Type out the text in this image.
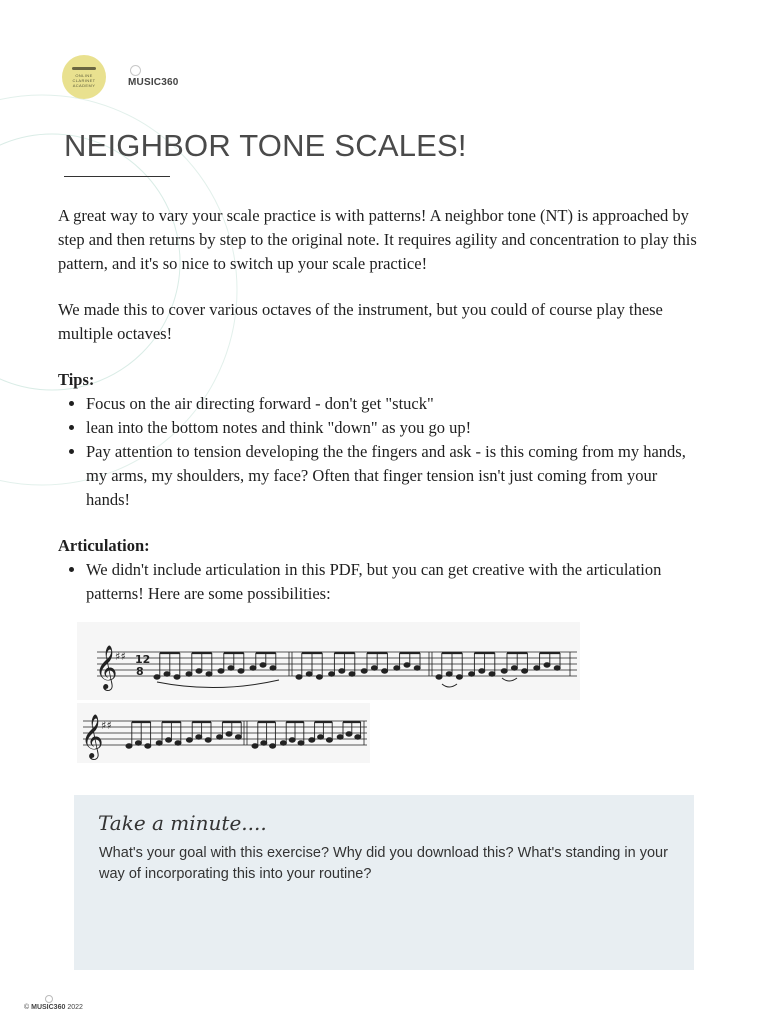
ONLINE
CLARINET
ACADEMY	MUSIC360
NEIGHBOR TONE SCALES!

A great way to vary your scale practice is with patterns! A neighbor tone (NT) is approached by step and then returns by step to the original note. It requires agility and concentration to play this pattern, and it's so nice to switch up your scale practice!

We made this to cover various octaves of the instrument, but you could of course play these multiple octaves!

Tips:
• Focus on the air directing forward - don't get "stuck"
• lean into the bottom notes and think "down" as you go up!
• Pay attention to tension developing the the fingers and ask - is this coming from my hands, my arms, my shoulders, my face? Often that finger tension isn't just coming from your hands!
Articulation:
• We didn't include articulation in this PDF, but you can get creative with the articulation patterns! Here are some possibilities:
𝄞
♯♯ 12
8
𝄞
♯♯
Take a minute....
What's your goal with this exercise? Why did you download this? What's standing in your way of incorporating this into your routine?
© MUSIC360 2022
